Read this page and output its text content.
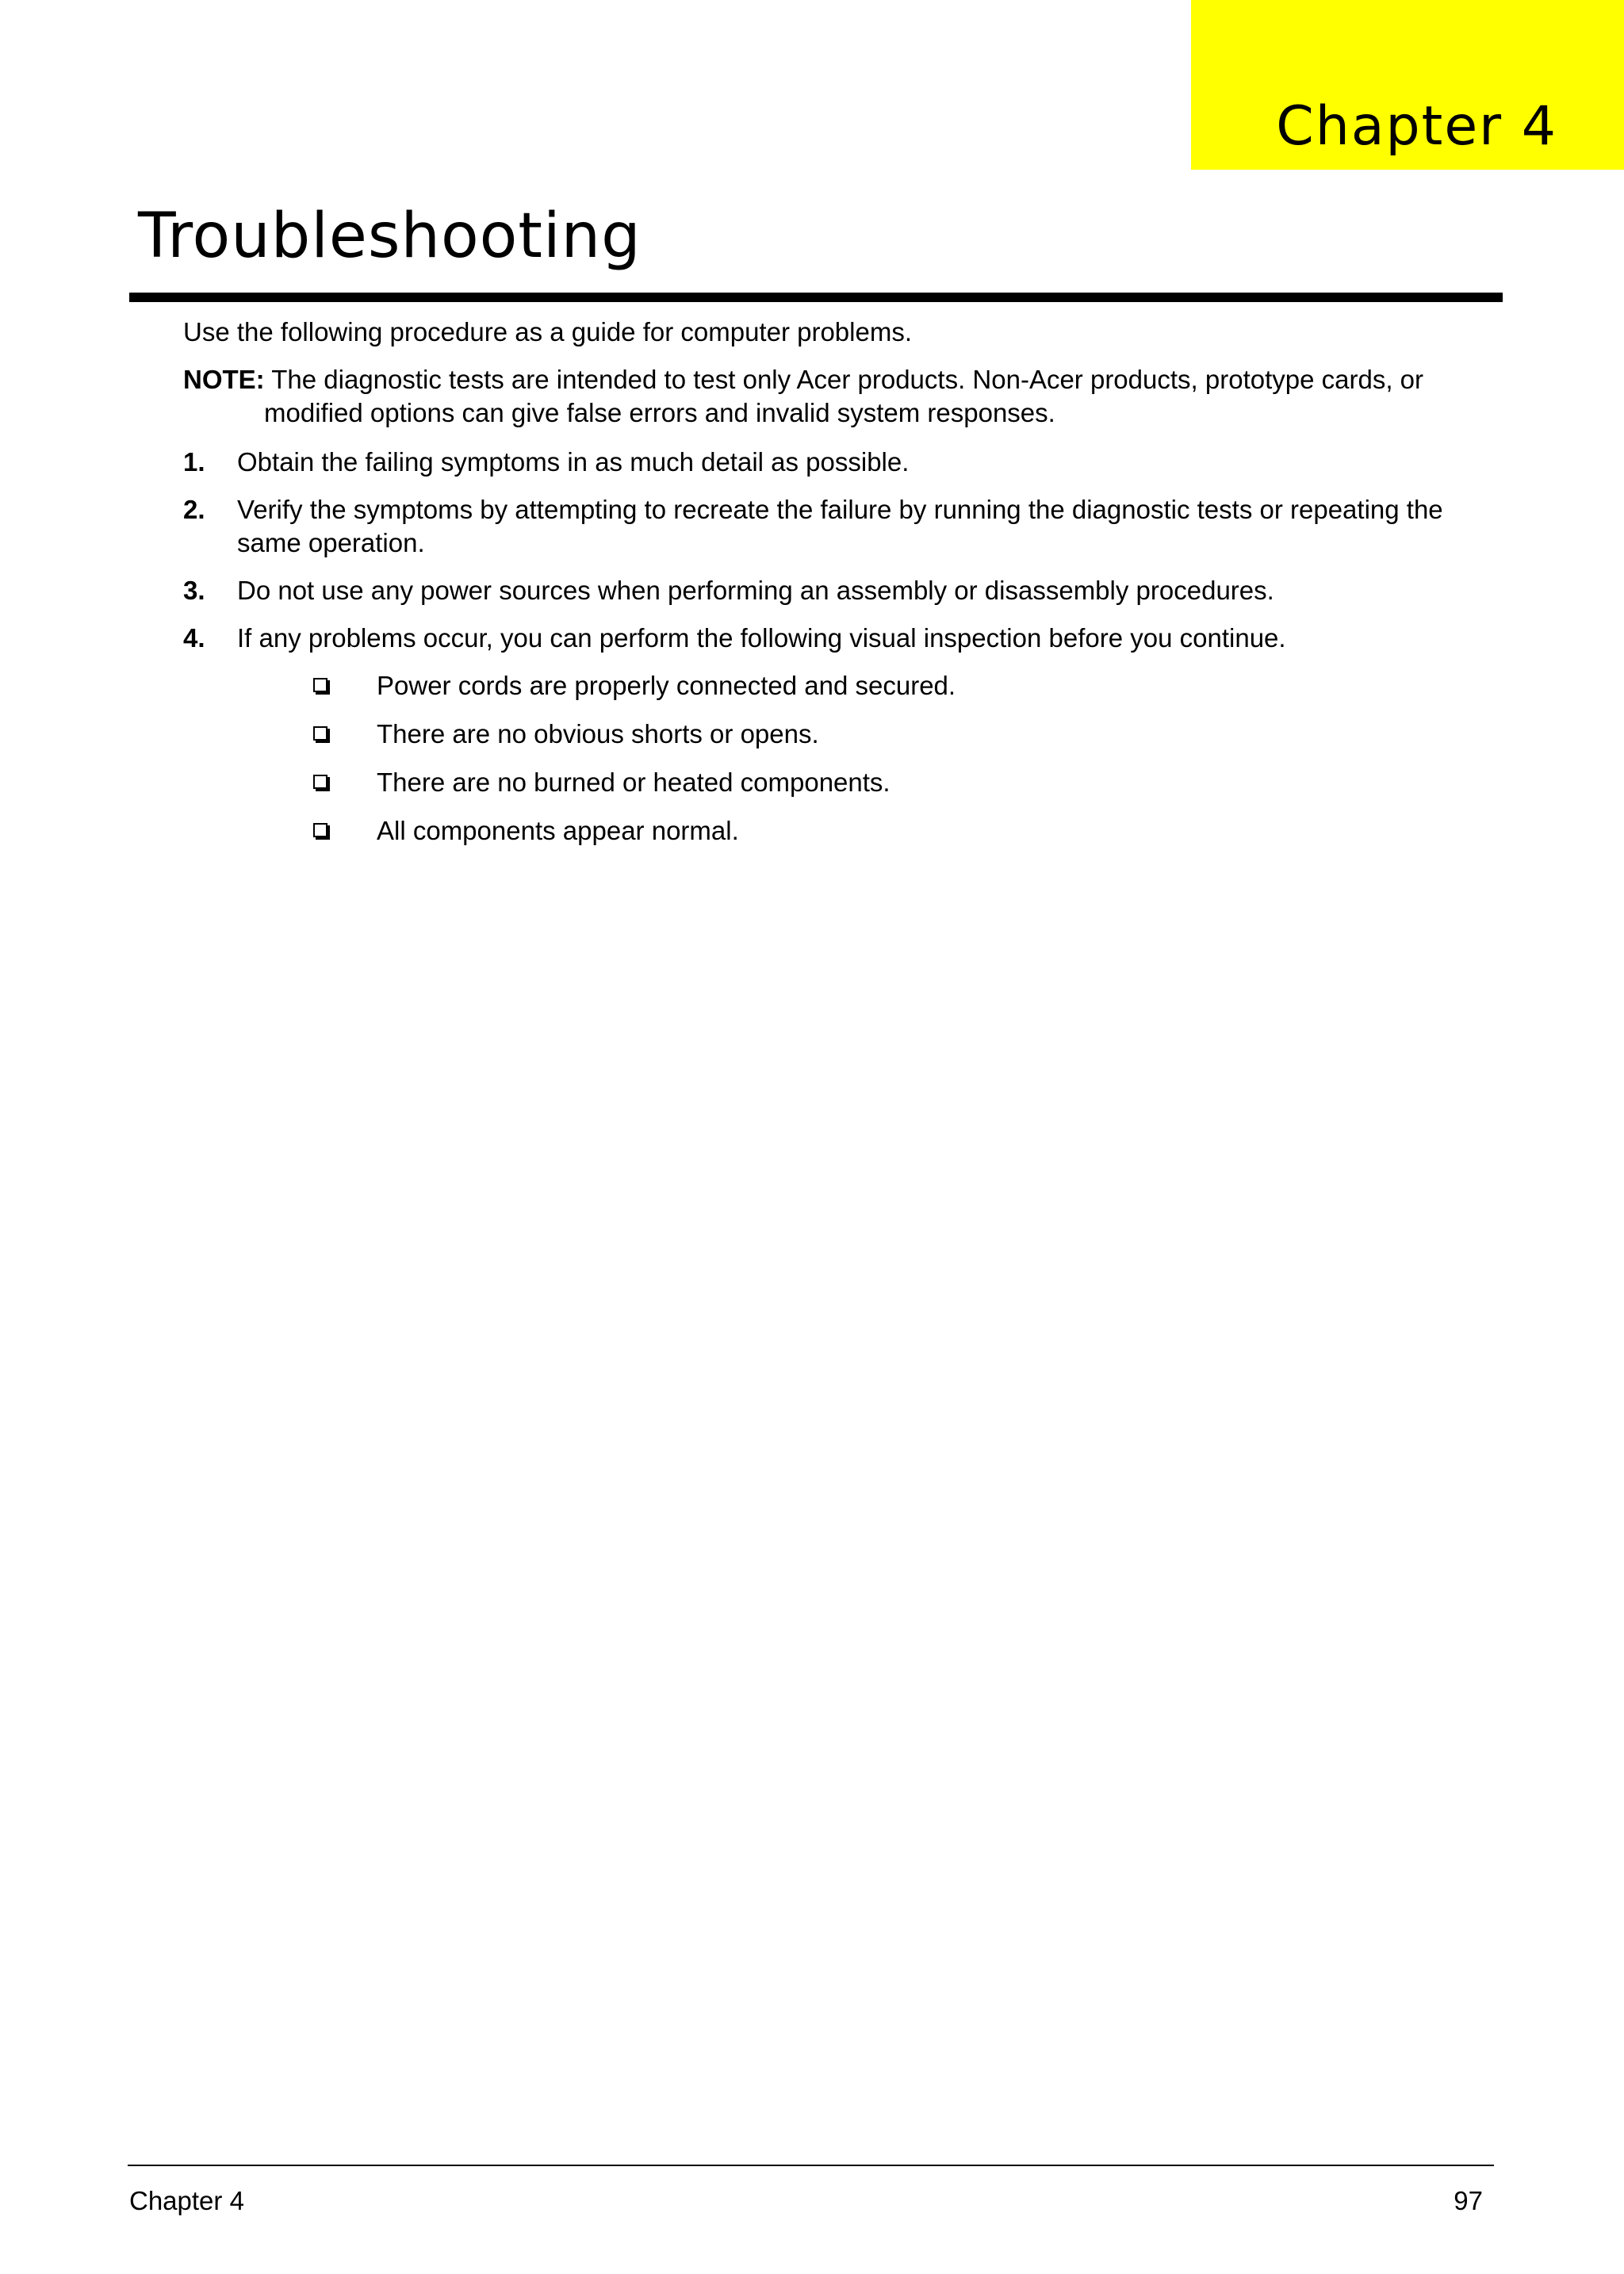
Chapter 4
Troubleshooting

Use the following procedure as a guide for computer problems.

NOTE: The diagnostic tests are intended to test only Acer products. Non-Acer products, prototype cards, or modified options can give false errors and invalid system responses.

1. Obtain the failing symptoms in as much detail as possible.
2. Verify the symptoms by attempting to recreate the failure by running the diagnostic tests or repeating the same operation.
3. Do not use any power sources when performing an assembly or disassembly procedures.
4. If any problems occur, you can perform the following visual inspection before you continue.
Power cords are properly connected and secured.
There are no obvious shorts or opens.
There are no burned or heated components.
All components appear normal.
Chapter 4	97
